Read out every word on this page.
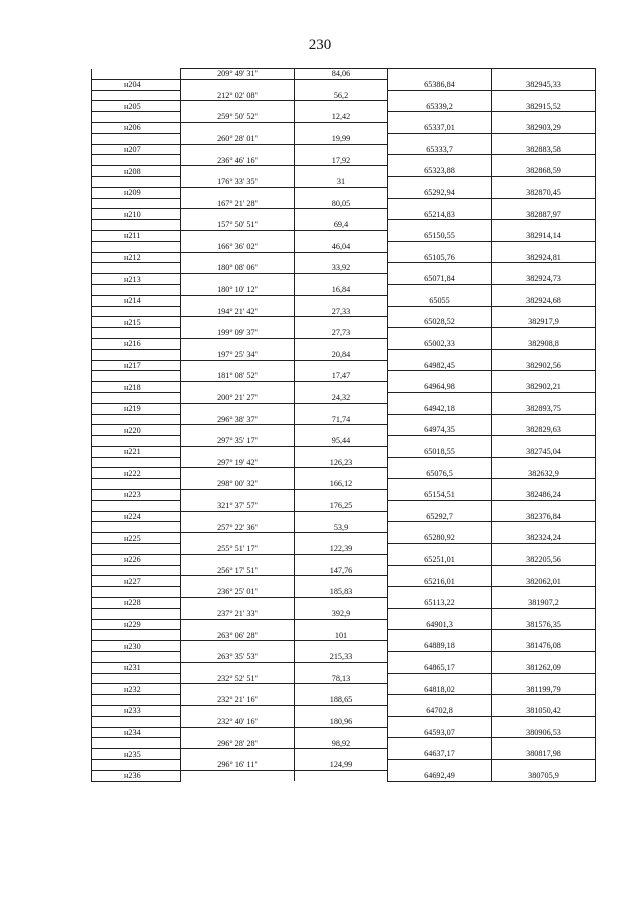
230
	209° 49' 31"	84,06		
н204			65386,84	382945,33
	212° 02' 08"	56,2		
н205			65339,2	382915,52
	259° 50' 52"	12,42		
н206			65337,01	382903,29
	260° 28' 01"	19,99		
н207			65333,7	382883,58
	236° 46' 16"	17,92		
н208			65323,88	382868,59
	176° 33' 35"	31		
н209			65292,94	382870,45
	167° 21' 28"	80,05		
н210			65214,83	382887,97
	157° 50' 51"	69,4		
н211			65150,55	382914,14
	166° 36' 02"	46,04		
н212			65105,76	382924,81
	180° 08' 06"	33,92		
н213			65071,84	382924,73
	180° 10' 12"	16,84		
н214			65055	382924,68
	194° 21' 42"	27,33		
н215			65028,52	382917,9
	199° 09' 37"	27,73		
н216			65002,33	382908,8
	197° 25' 34"	20,84		
н217			64982,45	382902,56
	181° 08' 52"	17,47		
н218			64964,98	382902,21
	200° 21' 27"	24,32		
н219			64942,18	382893,75
	296° 38' 37"	71,74		
н220			64974,35	382829,63
	297° 35' 17"	95,44		
н221			65018,55	382745,04
	297° 19' 42"	126,23		
н222			65076,5	382632,9
	298° 00' 32"	166,12		
н223			65154,51	382486,24
	321° 37' 57"	176,25		
н224			65292,7	382376,84
	257° 22' 36"	53,9		
н225			65280,92	382324,24
	255° 51' 17"	122,39		
н226			65251,01	382205,56
	256° 17' 51"	147,76		
н227			65216,01	382062,01
	236° 25' 01"	185,83		
н228			65113,22	381907,2
	237° 21' 33"	392,9		
н229			64901,3	381576,35
	263° 06' 28"	101		
н230			64889,18	381476,08
	263° 35' 53"	215,33		
н231			64865,17	381262,09
	232° 52' 51"	78,13		
н232			64818,02	381199,79
	232° 21' 16"	188,65		
н233			64702,8	381050,42
	232° 40' 16"	180,96		
н234			64593,07	380906,53
	296° 28' 28"	98,92		
н235			64637,17	380817,98
	296° 16' 11"	124,99		
н236			64692,49	380705,9
